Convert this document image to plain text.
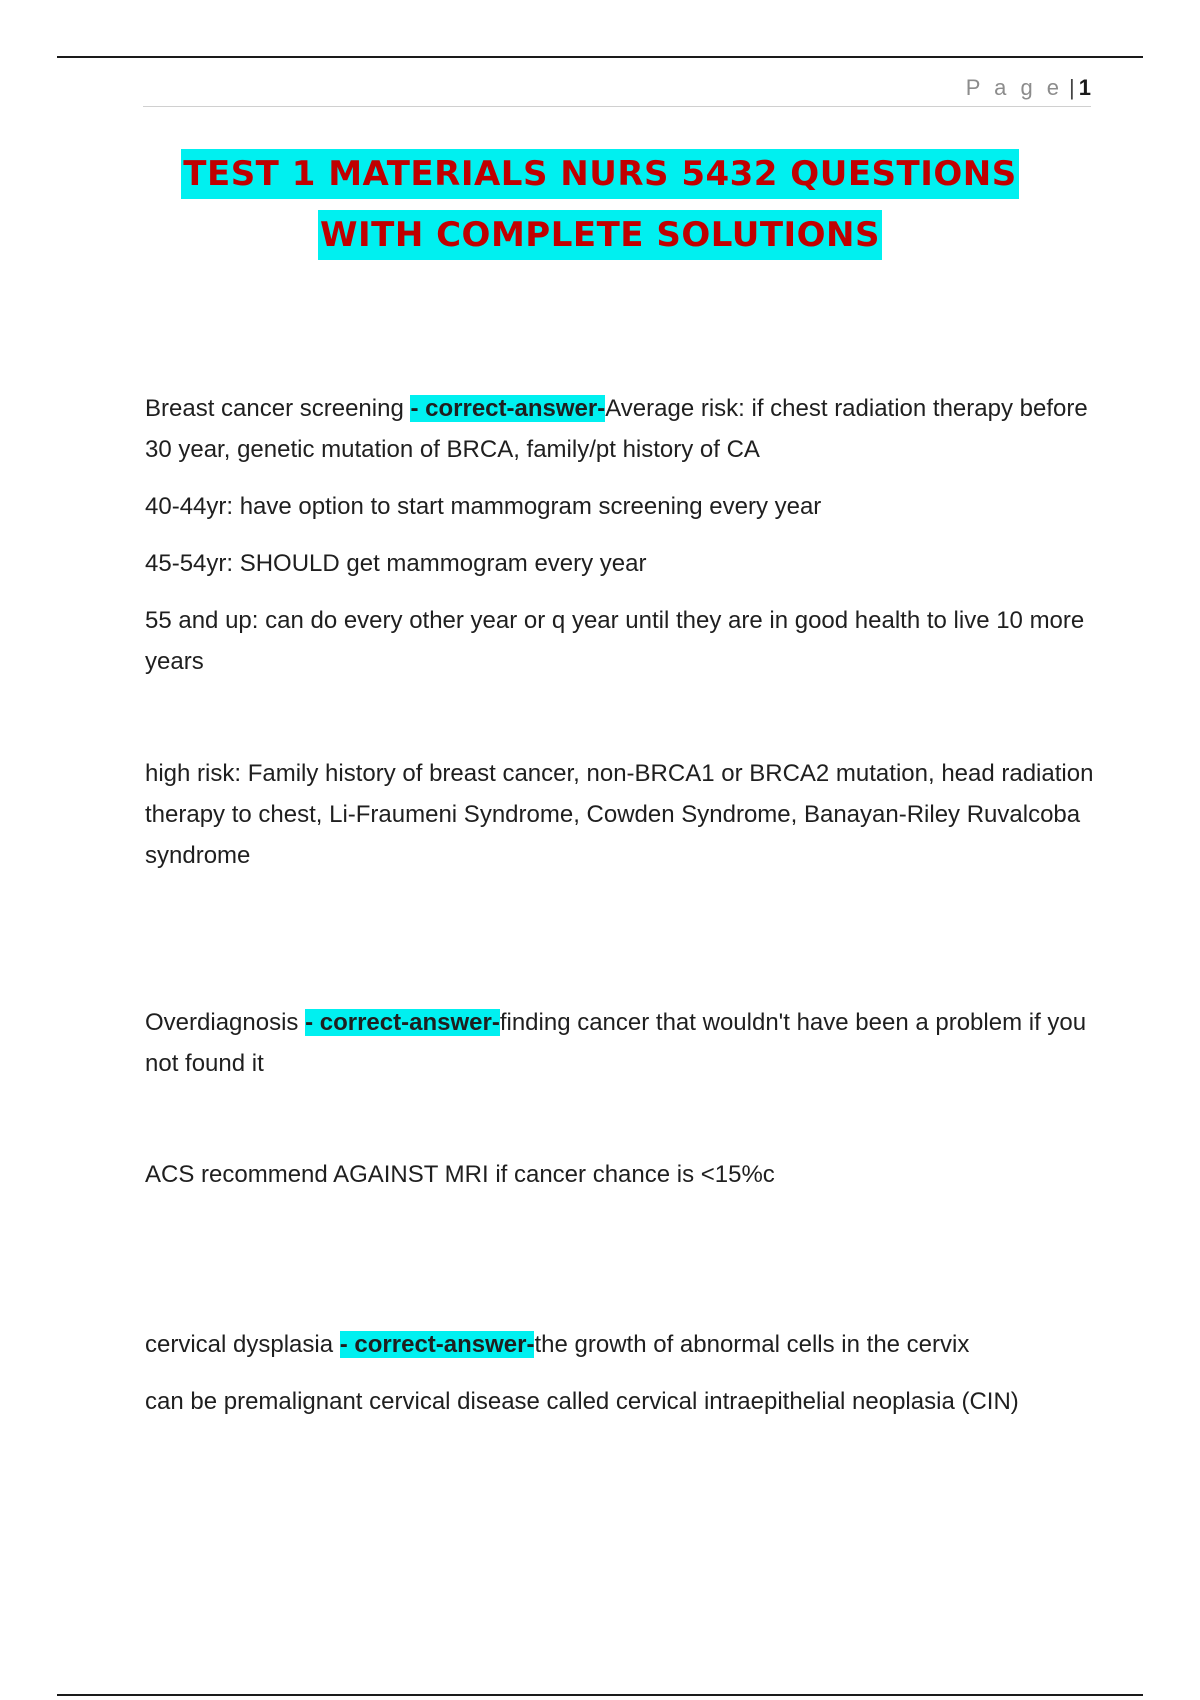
P a g e | 1
TEST 1 MATERIALS NURS 5432 QUESTIONS
WITH COMPLETE SOLUTIONS

Breast cancer screening - correct-answer-Average risk: if chest radiation therapy before 30 year, genetic mutation of BRCA, family/pt history of CA

40-44yr: have option to start mammogram screening every year

45-54yr: SHOULD get mammogram every year

55 and up: can do every other year or q year until they are in good health to live 10 more years

high risk: Family history of breast cancer, non-BRCA1 or BRCA2 mutation, head radiation therapy to chest, Li-Fraumeni Syndrome, Cowden Syndrome, Banayan-Riley Ruvalcoba syndrome

Overdiagnosis - correct-answer-finding cancer that wouldn't have been a problem if you not found it

ACS recommend AGAINST MRI if cancer chance is <15%c

cervical dysplasia - correct-answer-the growth of abnormal cells in the cervix

can be premalignant cervical disease called cervical intraepithelial neoplasia (CIN)
